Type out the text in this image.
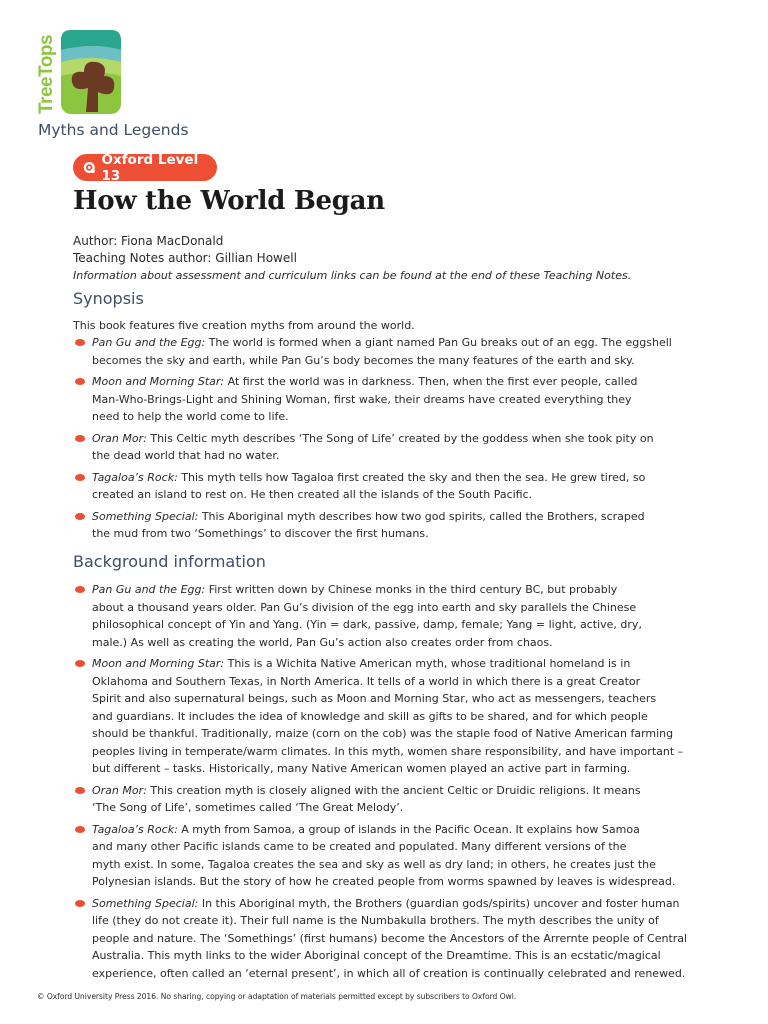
TreeTops
Myths and Legends
Oxford Level 13
How the World Began
Author: Fiona MacDonald
Teaching Notes author: Gillian Howell
Information about assessment and curriculum links can be found at the end of these Teaching Notes.
Synopsis
This book features five creation myths from around the world.
Pan Gu and the Egg: The world is formed when a giant named Pan Gu breaks out of an egg. The eggshell
becomes the sky and earth, while Pan Gu’s body becomes the many features of the earth and sky.
Moon and Morning Star: At first the world was in darkness. Then, when the first ever people, called
Man-Who-Brings-Light and Shining Woman, first wake, their dreams have created everything they
need to help the world come to life.
Oran Mor: This Celtic myth describes ‘The Song of Life’ created by the goddess when she took pity on
the dead world that had no water.
Tagaloa’s Rock: This myth tells how Tagaloa first created the sky and then the sea. He grew tired, so
created an island to rest on. He then created all the islands of the South Pacific.
Something Special: This Aboriginal myth describes how two god spirits, called the Brothers, scraped
the mud from two ‘Somethings’ to discover the first humans.
Background information
Pan Gu and the Egg: First written down by Chinese monks in the third century BC, but probably
about a thousand years older. Pan Gu’s division of the egg into earth and sky parallels the Chinese
philosophical concept of Yin and Yang. (Yin = dark, passive, damp, female; Yang = light, active, dry,
male.) As well as creating the world, Pan Gu’s action also creates order from chaos.
Moon and Morning Star: This is a Wichita Native American myth, whose traditional homeland is in
Oklahoma and Southern Texas, in North America. It tells of a world in which there is a great Creator
Spirit and also supernatural beings, such as Moon and Morning Star, who act as messengers, teachers
and guardians. It includes the idea of knowledge and skill as gifts to be shared, and for which people
should be thankful. Traditionally, maize (corn on the cob) was the staple food of Native American farming
peoples living in temperate/warm climates. In this myth, women share responsibility, and have important –
but different – tasks. Historically, many Native American women played an active part in farming.
Oran Mor: This creation myth is closely aligned with the ancient Celtic or Druidic religions. It means
‘The Song of Life’, sometimes called ‘The Great Melody’.
Tagaloa’s Rock: A myth from Samoa, a group of islands in the Pacific Ocean. It explains how Samoa
and many other Pacific islands came to be created and populated. Many different versions of the
myth exist. In some, Tagaloa creates the sea and sky as well as dry land; in others, he creates just the
Polynesian islands. But the story of how he created people from worms spawned by leaves is widespread.
Something Special: In this Aboriginal myth, the Brothers (guardian gods/spirits) uncover and foster human
life (they do not create it). Their full name is the Numbakulla brothers. The myth describes the unity of
people and nature. The ‘Somethings’ (first humans) become the Ancestors of the Arrernte people of Central
Australia. This myth links to the wider Aboriginal concept of the Dreamtime. This is an ecstatic/magical
experience, often called an ‘eternal present’, in which all of creation is continually celebrated and renewed.
© Oxford University Press 2016. No sharing, copying or adaptation of materials permitted except by subscribers to Oxford Owl.
